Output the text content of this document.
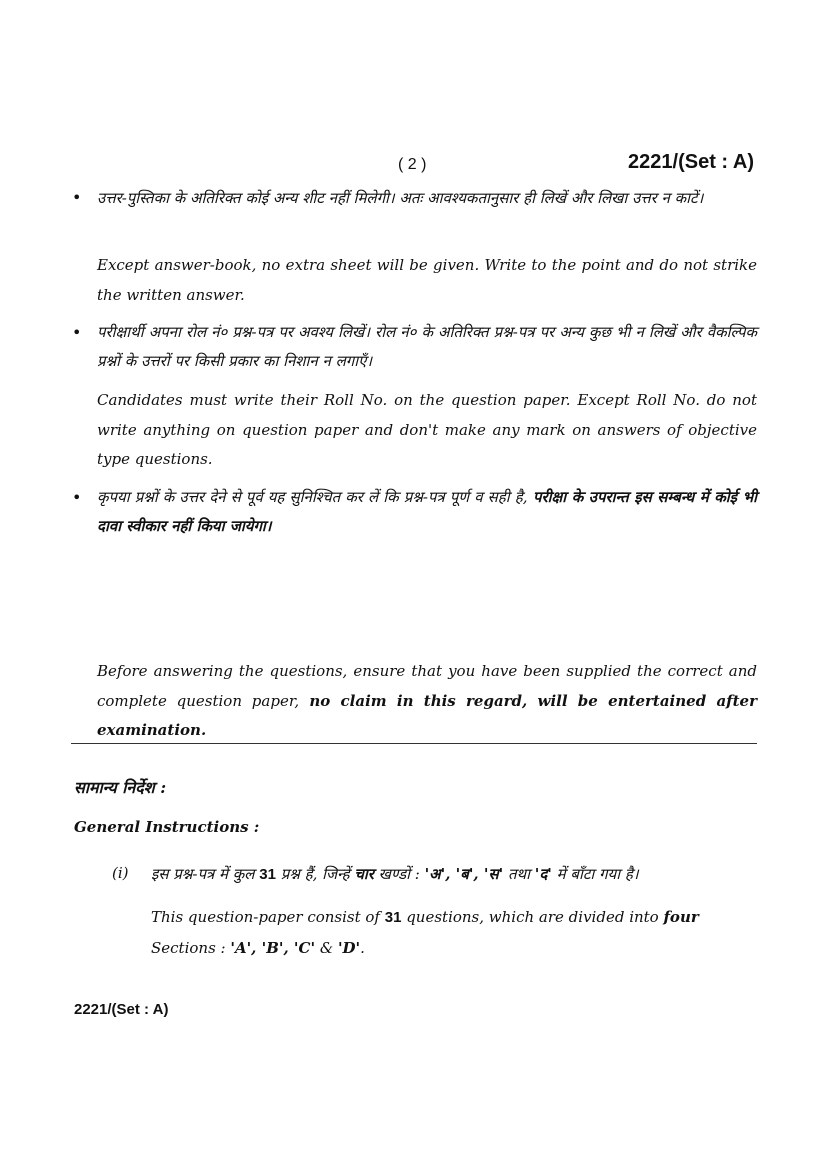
( 2 )	2221/(Set : A)
• उत्तर-पुस्तिका के अतिरिक्त कोई अन्य शीट नहीं मिलेगी। अतः आवश्यकतानुसार ही लिखें और लिखा उत्तर न काटें।
Except answer-book, no extra sheet will be given. Write to the point and do not strike the written answer.
• परीक्षार्थी अपना रोल नं० प्रश्न-पत्र पर अवश्य लिखें। रोल नं० के अतिरिक्त प्रश्न-पत्र पर अन्य कुछ भी न लिखें और वैकल्पिक प्रश्नों के उत्तरों पर किसी प्रकार का निशान न लगाएँ।
Candidates must write their Roll No. on the question paper. Except Roll No. do not write anything on question paper and don't make any mark on answers of objective type questions.
• कृपया प्रश्नों के उत्तर देने से पूर्व यह सुनिश्चित कर लें कि प्रश्न-पत्र पूर्ण व सही है, परीक्षा के उपरान्त इस सम्बन्ध में कोई भी दावा स्वीकार नहीं किया जायेगा।
Before answering the questions, ensure that you have been supplied the correct and complete question paper, no claim in this regard, will be entertained after examination.
सामान्य निर्देश :
General Instructions :
(i) इस प्रश्न-पत्र में कुल 31 प्रश्न हैं, जिन्हें चार खण्डों : 'अ', 'ब', 'स' तथा 'द' में बाँटा गया है।
This question-paper consist of 31 questions, which are divided into four
Sections : 'A', 'B', 'C' & 'D'.
2221/(Set : A)
